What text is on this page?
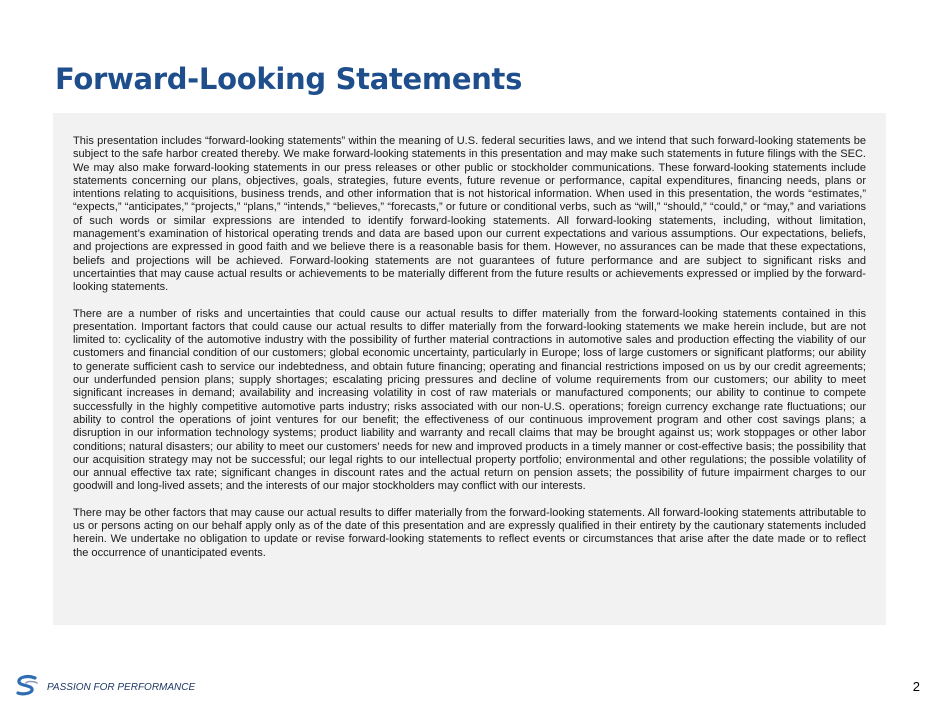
Forward-Looking Statements

This presentation includes “forward-looking statements” within the meaning of U.S. federal securities laws, and we intend that such forward-looking statements be subject to the safe harbor created thereby. We make forward-looking statements in this presentation and may make such statements in future filings with the SEC. We may also make forward-looking statements in our press releases or other public or stockholder communications. These forward-looking statements include statements concerning our plans, objectives, goals, strategies, future events, future revenue or performance, capital expenditures, financing needs, plans or intentions relating to acquisitions, business trends, and other information that is not historical information. When used in this presentation, the words “estimates,” “expects,” “anticipates,” “projects,” “plans,” “intends,” “believes,” “forecasts,” or future or conditional verbs, such as “will,” “should,” “could,” or “may,” and variations of such words or similar expressions are intended to identify forward-looking statements. All forward-looking statements, including, without limitation, management’s examination of historical operating trends and data are based upon our current expectations and various assumptions. Our expectations, beliefs, and projections are expressed in good faith and we believe there is a reasonable basis for them. However, no assurances can be made that these expectations, beliefs and projections will be achieved. Forward-looking statements are not guarantees of future performance and are subject to significant risks and uncertainties that may cause actual results or achievements to be materially different from the future results or achievements expressed or implied by the forward-looking statements.

There are a number of risks and uncertainties that could cause our actual results to differ materially from the forward-looking statements contained in this presentation. Important factors that could cause our actual results to differ materially from the forward-looking statements we make herein include, but are not limited to: cyclicality of the automotive industry with the possibility of further material contractions in automotive sales and production effecting the viability of our customers and financial condition of our customers; global economic uncertainty, particularly in Europe; loss of large customers or significant platforms; our ability to generate sufficient cash to service our indebtedness, and obtain future financing; operating and financial restrictions imposed on us by our credit agreements; our underfunded pension plans; supply shortages; escalating pricing pressures and decline of volume requirements from our customers; our ability to meet significant increases in demand; availability and increasing volatility in cost of raw materials or manufactured components; our ability to continue to compete successfully in the highly competitive automotive parts industry; risks associated with our non-U.S. operations; foreign currency exchange rate fluctuations; our ability to control the operations of joint ventures for our benefit; the effectiveness of our continuous improvement program and other cost savings plans; a disruption in our information technology systems; product liability and warranty and recall claims that may be brought against us; work stoppages or other labor conditions; natural disasters; our ability to meet our customers’ needs for new and improved products in a timely manner or cost-effective basis; the possibility that our acquisition strategy may not be successful; our legal rights to our intellectual property portfolio; environmental and other regulations; the possible volatility of our annual effective tax rate; significant changes in discount rates and the actual return on pension assets; the possibility of future impairment charges to our goodwill and long-lived assets; and the interests of our major stockholders may conflict with our interests.

There may be other factors that may cause our actual results to differ materially from the forward-looking statements. All forward-looking statements attributable to us or persons acting on our behalf apply only as of the date of this presentation and are expressly qualified in their entirety by the cautionary statements included herein. We undertake no obligation to update or revise forward-looking statements to reflect events or circumstances that arise after the date made or to reflect the occurrence of unanticipated events.

PASSION FOR PERFORMANCE	2
